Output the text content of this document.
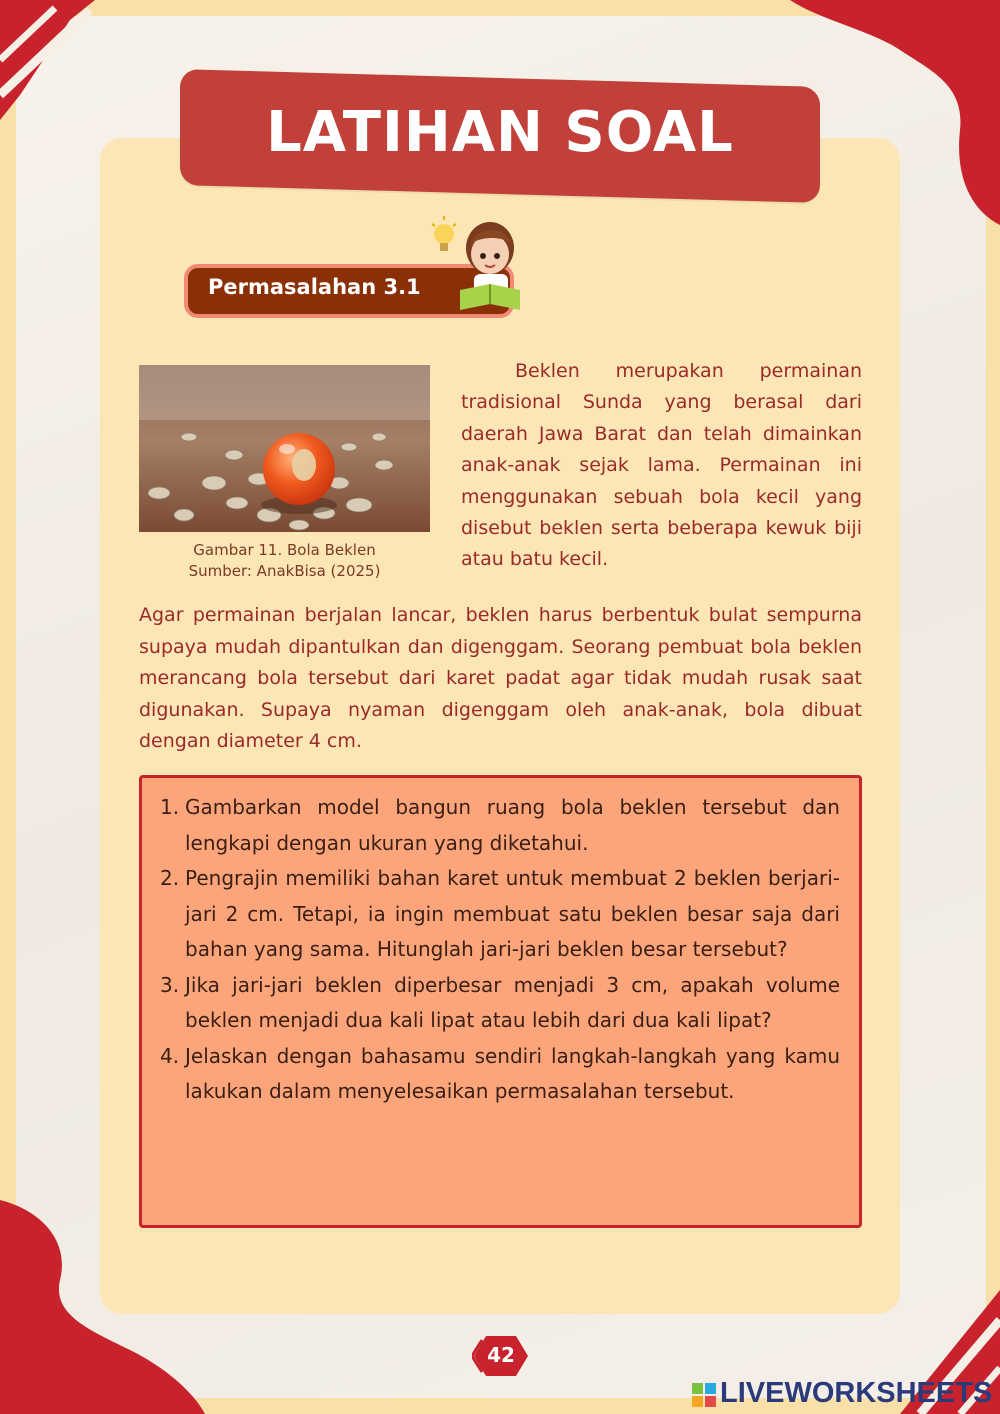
LATIHAN SOAL
Permasalahan 3.1
Gambar 11. Bola Beklen
Sumber: AnakBisa (2025)

Beklen merupakan permainan tradisional Sunda yang berasal dari daerah Jawa Barat dan telah dimainkan anak-anak sejak lama. Permainan ini menggunakan sebuah bola kecil yang disebut beklen serta beberapa kewuk biji atau batu kecil.

Agar permainan berjalan lancar, beklen harus berbentuk bulat sempurna supaya mudah dipantulkan dan digenggam. Seorang pembuat bola beklen merancang bola tersebut dari karet padat agar tidak mudah rusak saat digunakan. Supaya nyaman digenggam oleh anak-anak, bola dibuat dengan diameter 4 cm.

1. Gambarkan model bangun ruang bola beklen tersebut dan lengkapi dengan ukuran yang diketahui.
2. Pengrajin memiliki bahan karet untuk membuat 2 beklen berjari-jari 2 cm. Tetapi, ia ingin membuat satu beklen besar saja dari bahan yang sama. Hitunglah jari-jari beklen besar tersebut?
3. Jika jari-jari beklen diperbesar menjadi 3 cm, apakah volume beklen menjadi dua kali lipat atau lebih dari dua kali lipat?
4. Jelaskan dengan bahasamu sendiri langkah-langkah yang kamu lakukan dalam menyelesaikan permasalahan tersebut.
42
LIVEWORKSHEETS
